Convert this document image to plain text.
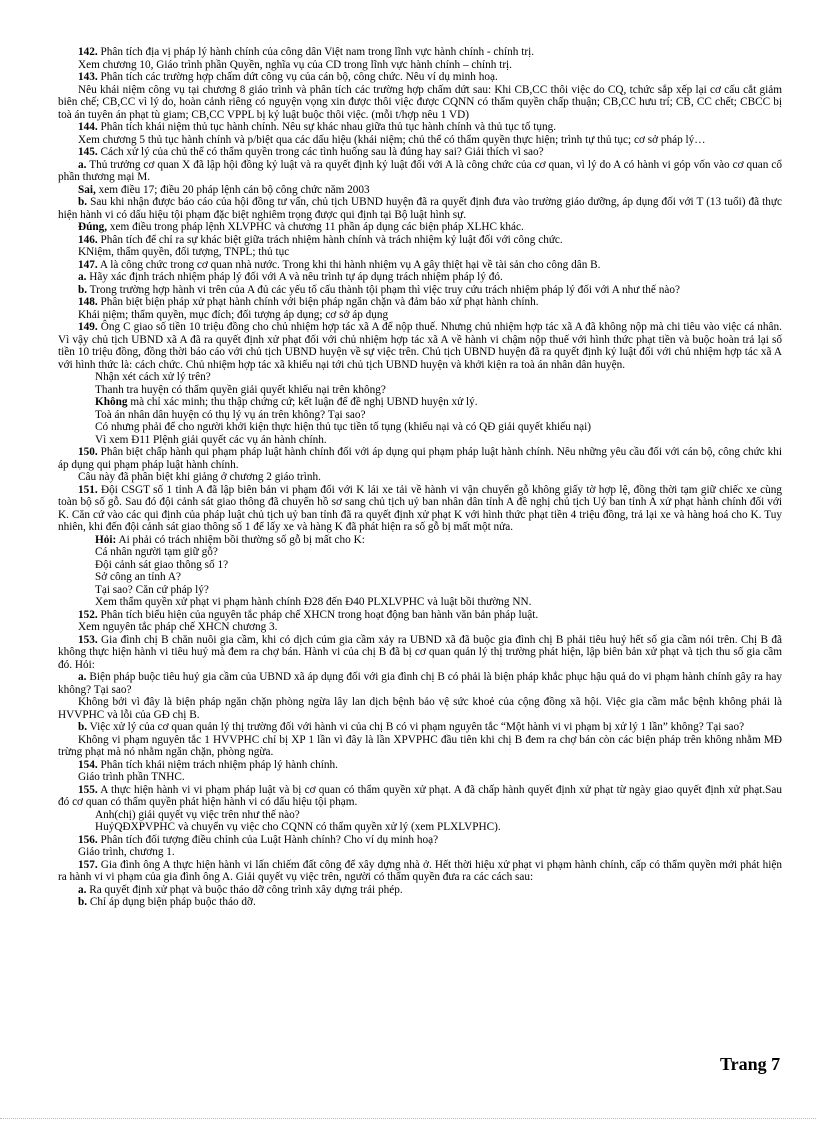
142. Phân tích địa vị pháp lý hành chính của công dân Việt nam trong lĩnh vực hành chính - chính trị.

Xem chương 10, Giáo trình phần Quyền, nghĩa vụ của CD trong lĩnh vực hành chính – chính trị.

143. Phân tích các trường hợp chấm dứt công vụ của cán bộ, công chức. Nêu ví dụ minh hoạ.

Nêu khái niệm công vụ tại chương 8 giáo trình và phân tích các trường hợp chấm dứt sau: Khi CB,CC thôi việc do CQ, tchức sắp xếp lại cơ cấu cắt giảm biên chế; CB,CC vì lý do, hoàn cảnh riêng có nguyện vọng xin được thôi việc được CQNN có thẩm quyền chấp thuận; CB,CC hưu trí; CB, CC chết; CBCC bị toà án tuyên án phạt tù giam; CB,CC VPPL bị kỷ luật buộc thôi việc. (mỗi t/hợp nêu 1 VD)

144. Phân tích khái niệm thủ tục hành chính. Nêu sự khác nhau giữa thủ tục hành chính và thủ tục tố tụng.

Xem chương 5 thủ tục hành chính và p/biệt qua các dấu hiệu (khái niệm; chủ thể có thẩm quyền thực hiện; trình tự thủ tục; cơ sở pháp lý…

145. Cách xử lý của chủ thể có thẩm quyền trong các tình huống sau là đúng hay sai? Giải thích vì sao?

a. Thủ trưởng cơ quan X đã lập hội đồng kỷ luật và ra quyết định kỷ luật đối với A là công chức của cơ quan, vì lý do A có hành vi góp vốn vào cơ quan cổ phần thương mại M.

Sai, xem điều 17; điều 20 pháp lệnh cán bộ công chức năm 2003

b. Sau khi nhận được báo cáo của hội đồng tư vấn, chủ tịch UBND huyện đã ra quyết định đưa vào trường giáo dưỡng, áp dụng đối với T (13 tuổi) đã thực hiện hành vi có dấu hiệu tội phạm đặc biệt nghiêm trọng được qui định tại Bộ luật hình sự.

Đúng, xem điều trong pháp lệnh XLVPHC và chương 11 phần áp dụng các biện pháp XLHC khác.

146. Phân tích để chỉ ra sự khác biệt giữa trách nhiệm hành chính và trách nhiệm kỷ luật đối với công chức.

KNiệm, thẩm quyền, đối tượng, TNPL; thủ tục

147. A là công chức trong cơ quan nhà nước. Trong khi thi hành nhiệm vụ A gây thiệt hại về tài sản cho công dân B.

a. Hãy xác định trách nhiệm pháp lý đối với A và nêu trình tự áp dụng trách nhiệm pháp lý đó.

b. Trong trường hợp hành vi trên của A đủ các yếu tố cấu thành tội phạm thì việc truy cứu trách nhiệm pháp lý đối với A như thế nào?

148. Phân biệt biện pháp xử phạt hành chính với biện pháp ngăn chặn và đảm bảo xử phạt hành chính.

Khái niệm; thẩm quyền, mục đích; đối tượng áp dụng; cơ sở áp dụng

149. Ông C giao số tiền 10 triệu đồng cho chủ nhiệm hợp tác xã A để nộp thuế. Nhưng chủ nhiệm hợp tác xã A đã không nộp mà chi tiêu vào việc cá nhân. Vì vậy chủ tịch UBND xã A đã ra quyết định xử phạt đối với chủ nhiệm hợp tác xã A về hành vi chậm nộp thuế với hình thức phạt tiền và buộc hoàn trả lại số tiền 10 triệu đồng, đồng thời báo cáo với chủ tịch UBND huyện về sự việc trên. Chủ tịch UBND huyện đã ra quyết định kỷ luật đối với chủ nhiệm hợp tác xã A với hình thức là: cách chức. Chủ nhiệm hợp tác xã khiếu nại tới chủ tịch UBND huyện và khởi kiện ra toà án nhân dân huyện.

Nhận xét cách xử lý trên?

Thanh tra huyện có thẩm quyền giải quyết khiếu nại trên không?

Không mà chỉ xác minh; thu thập chứng cứ; kết luận để đề nghị UBND huyện xử lý.

Toà án nhân dân huyện có thụ lý vụ án trên không? Tại sao?

Có nhưng phải để cho người khởi kiện thực hiện thủ tục tiền tố tụng (khiếu nại và có QĐ giải quyết khiếu nại)

Vì xem Đ11 Plệnh giải quyết các vụ án hành chính.

150. Phân biệt chấp hành qui phạm pháp luật hành chính đối với áp dụng qui phạm pháp luật hành chính. Nêu những yêu cầu đối với cán bộ, công chức khi áp dụng qui phạm pháp luật hành chính.

Câu này đã phân biệt khi giảng ở chương 2 giáo trình.

151. Đội CSGT số 1 tỉnh A đã lập biên bản vi phạm đối với K lái xe tải về hành vi vận chuyển gỗ không giấy tờ hợp lệ, đồng thời tạm giữ chiếc xe cùng toàn bộ số gỗ. Sau đó đội cảnh sát giao thông đã chuyển hồ sơ sang chủ tịch uỷ ban nhân dân tỉnh A đề nghị chủ tịch Uỷ ban tỉnh A xử phạt hành chính đối với K. Căn cứ vào các qui định của pháp luật chủ tịch uỷ ban tỉnh đã ra quyết định xử phạt K với hình thức phạt tiền 4 triệu đồng, trả lại xe và hàng hoá cho K. Tuy nhiên, khi đến đội cảnh sát giao thông số 1 để lấy xe và hàng K đã phát hiện ra số gỗ bị mất một nửa.

Hỏi: Ai phải có trách nhiệm bồi thường số gỗ bị mất cho K:

Cá nhân người tạm giữ gỗ?

Đội cảnh sát giao thông số 1?

Sở công an tỉnh A?

Tại sao? Căn cứ pháp lý?

Xem thẩm quyền xử phạt vi phạm hành chính Đ28 đến Đ40 PLXLVPHC và luật bồi thường NN.

152. Phân tích biểu hiện của nguyên tắc pháp chế XHCN trong hoạt động ban hành văn bản pháp luật.

Xem nguyên tắc pháp chế XHCN chương 3.

153. Gia đình chị B chăn nuôi gia cầm, khi có dịch cúm gia cầm xảy ra UBND xã đã buộc gia đình chị B phải tiêu huỷ hết số gia cầm nói trên. Chị B đã không thực hiện hành vi tiêu huỷ mà đem ra chợ bán. Hành vi của chị B đã bị cơ quan quản lý thị trường phát hiện, lập biên bản xử phạt và tịch thu số gia cầm đó. Hỏi:

a. Biện pháp buộc tiêu huỷ gia cầm của UBND xã áp dụng đối với gia đình chị B có phải là biện pháp khắc phục hậu quả do vi phạm hành chính gây ra hay không? Tại sao?

Không bởi vì đây là biện pháp ngăn chặn phòng ngừa lây lan dịch bệnh bảo vệ sức khoẻ của cộng đồng xã hội. Việc gia cầm mắc bệnh không phải là HVVPHC và lỗi của GĐ chị B.

b. Việc xử lý của cơ quan quản lý thị trường đối với hành vi của chị B có vi phạm nguyên tắc “Một hành vi vi phạm bị xử lý 1 lần” không? Tại sao?

Không vi phạm nguyên tắc 1 HVVPHC chỉ bị XP 1 lần vì đây là lần XPVPHC đầu tiên khi chị B đem ra chợ bán còn các biện pháp trên không nhằm MĐ trừng phạt mà nó nhằm ngăn chặn, phòng ngừa.

154. Phân tích khái niệm trách nhiệm pháp lý hành chính.

Giáo trình phần TNHC.

155. A thực hiện hành vi vi phạm pháp luật và bị cơ quan có thẩm quyền xử phạt. A đã chấp hành quyết định xử phạt từ ngày giao quyết định xử phạt.Sau đó cơ quan có thẩm quyền phát hiện hành vi có dấu hiệu tội phạm.

Anh(chị) giải quyết vụ việc trên như thế nào?

HuỷQĐXPVPHC và chuyển vụ việc cho CQNN có thẩm quyền xử lý (xem PLXLVPHC).

156. Phân tích đối tượng điều chỉnh của Luật Hành chính? Cho ví dụ minh hoạ?

Giáo trình, chương 1.

157. Gia đình ông A thực hiện hành vi lấn chiếm đất công để xây dựng nhà ở. Hết thời hiệu xử phạt vi phạm hành chính, cấp có thẩm quyền mới phát hiện ra hành vi vi phạm của gia đình ông A. Giải quyết vụ việc trên, người có thẩm quyền đưa ra các cách sau:

a. Ra quyết định xử phạt và buộc tháo dỡ công trình xây dựng trái phép.

b. Chỉ áp dụng biện pháp buộc tháo dỡ.

Trang 7
